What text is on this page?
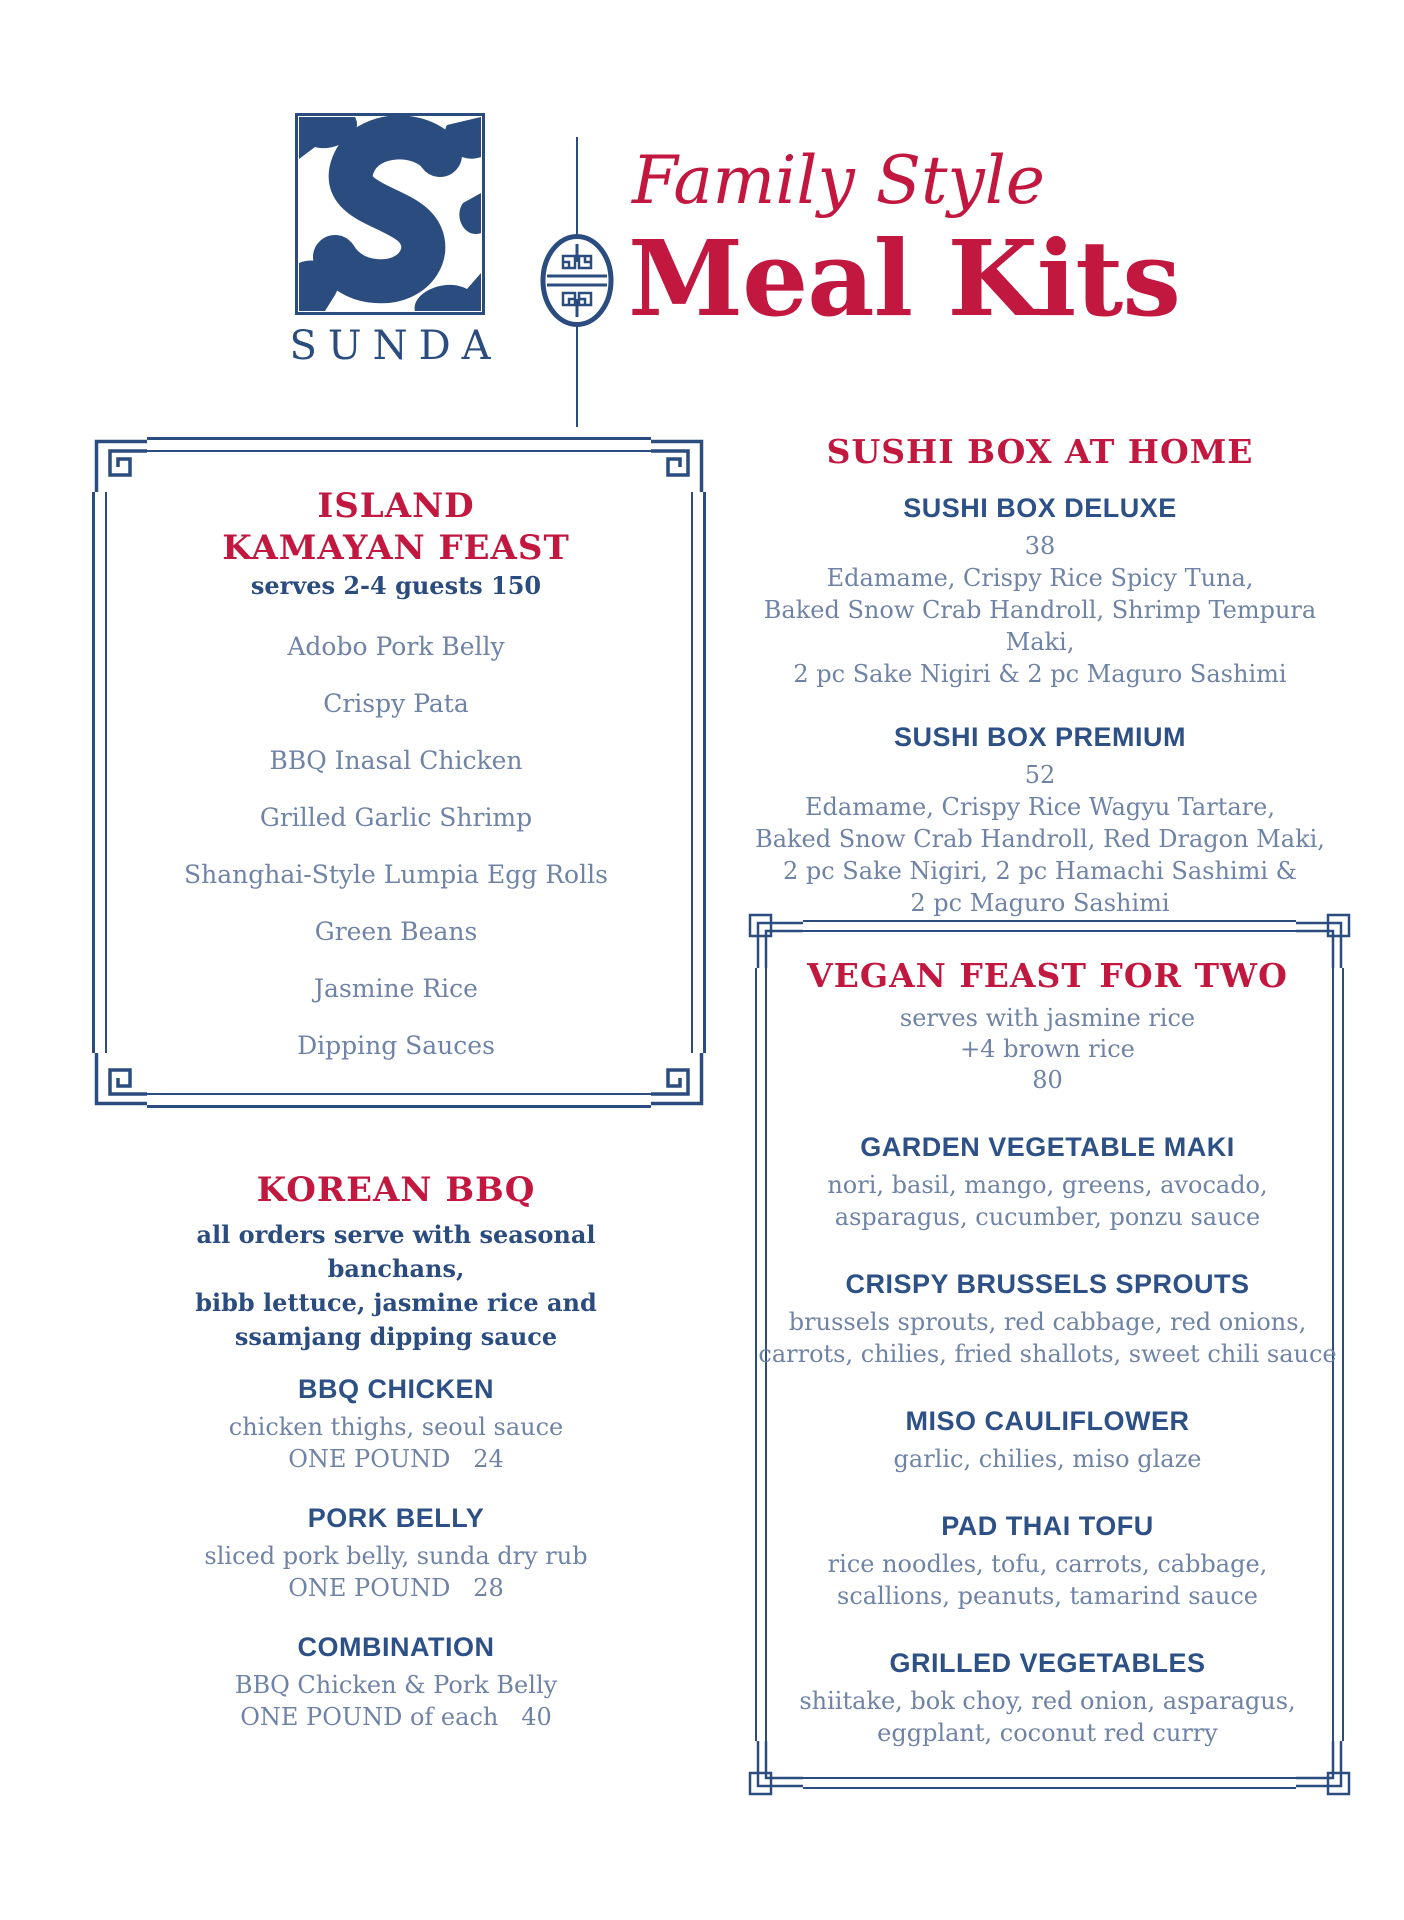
SUNDA
Family Style
Meal Kits
ISLAND
KAMAYAN FEAST
serves 2-4 guests 150
Adobo Pork Belly
Crispy Pata
BBQ Inasal Chicken
Grilled Garlic Shrimp
Shanghai-Style Lumpia Egg Rolls
Green Beans
Jasmine Rice
Dipping Sauces
KOREAN BBQ
all orders serve with seasonal banchans,
bibb lettuce, jasmine rice and
ssamjang dipping sauce
BBQ CHICKEN
chicken thighs, seoul sauce
ONE POUND   24
PORK BELLY
sliced pork belly, sunda dry rub
ONE POUND   28
COMBINATION
BBQ Chicken & Pork Belly
ONE POUND of each   40
SUSHI BOX AT HOME
SUSHI BOX DELUXE
38
Edamame, Crispy Rice Spicy Tuna,
Baked Snow Crab Handroll, Shrimp Tempura Maki,
2 pc Sake Nigiri & 2 pc Maguro Sashimi
SUSHI BOX PREMIUM
52
Edamame, Crispy Rice Wagyu Tartare,
Baked Snow Crab Handroll, Red Dragon Maki,
2 pc Sake Nigiri, 2 pc Hamachi Sashimi &
2 pc Maguro Sashimi
VEGAN FEAST FOR TWO
serves with jasmine rice
+4 brown rice
80
GARDEN VEGETABLE MAKI
nori, basil, mango, greens, avocado,
asparagus, cucumber, ponzu sauce
CRISPY BRUSSELS SPROUTS
brussels sprouts, red cabbage, red onions,
carrots, chilies, fried shallots, sweet chili sauce
MISO CAULIFLOWER
garlic, chilies, miso glaze
PAD THAI TOFU
rice noodles, tofu, carrots, cabbage,
scallions, peanuts, tamarind sauce
GRILLED VEGETABLES
shiitake, bok choy, red onion, asparagus,
eggplant, coconut red curry
